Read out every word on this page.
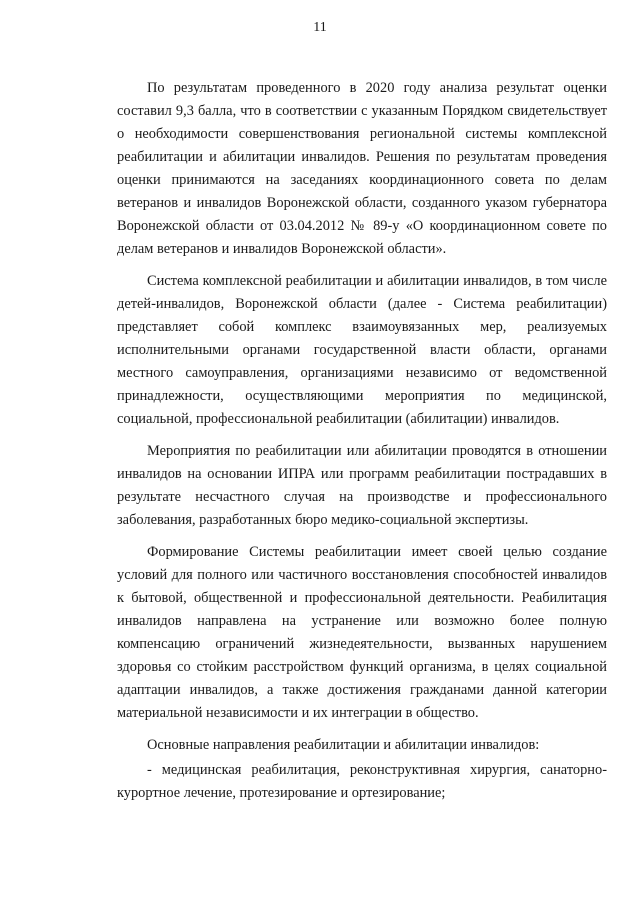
11

По результатам проведенного в 2020 году анализа результат оценки составил 9,3 балла, что в соответствии с указанным Порядком свидетельствует о необходимости совершенствования региональной системы комплексной реабилитации и абилитации инвалидов. Решения по результатам проведения оценки принимаются на заседаниях координационного совета по делам ветеранов и инвалидов Воронежской области, созданного указом губернатора Воронежской области от 03.04.2012 № 89-у «О координационном совете по делам ветеранов и инвалидов Воронежской области».

Система комплексной реабилитации и абилитации инвалидов, в том числе детей-инвалидов, Воронежской области (далее - Система реабилитации) представляет собой комплекс взаимоувязанных мер, реализуемых исполнительными органами государственной власти области, органами местного самоуправления, организациями независимо от ведомственной принадлежности, осуществляющими мероприятия по медицинской, социальной, профессиональной реабилитации (абилитации) инвалидов.

Мероприятия по реабилитации или абилитации проводятся в отношении инвалидов на основании ИПРА или программ реабилитации пострадавших в результате несчастного случая на производстве и профессионального заболевания, разработанных бюро медико-социальной экспертизы.

Формирование Системы реабилитации имеет своей целью создание условий для полного или частичного восстановления способностей инвалидов к бытовой, общественной и профессиональной деятельности. Реабилитация инвалидов направлена на устранение или возможно более полную компенсацию ограничений жизнедеятельности, вызванных нарушением здоровья со стойким расстройством функций организма, в целях социальной адаптации инвалидов, а также достижения гражданами данной категории материальной независимости и их интеграции в общество.

Основные направления реабилитации и абилитации инвалидов:

- медицинская реабилитация, реконструктивная хирургия, санаторно-курортное лечение, протезирование и ортезирование;
